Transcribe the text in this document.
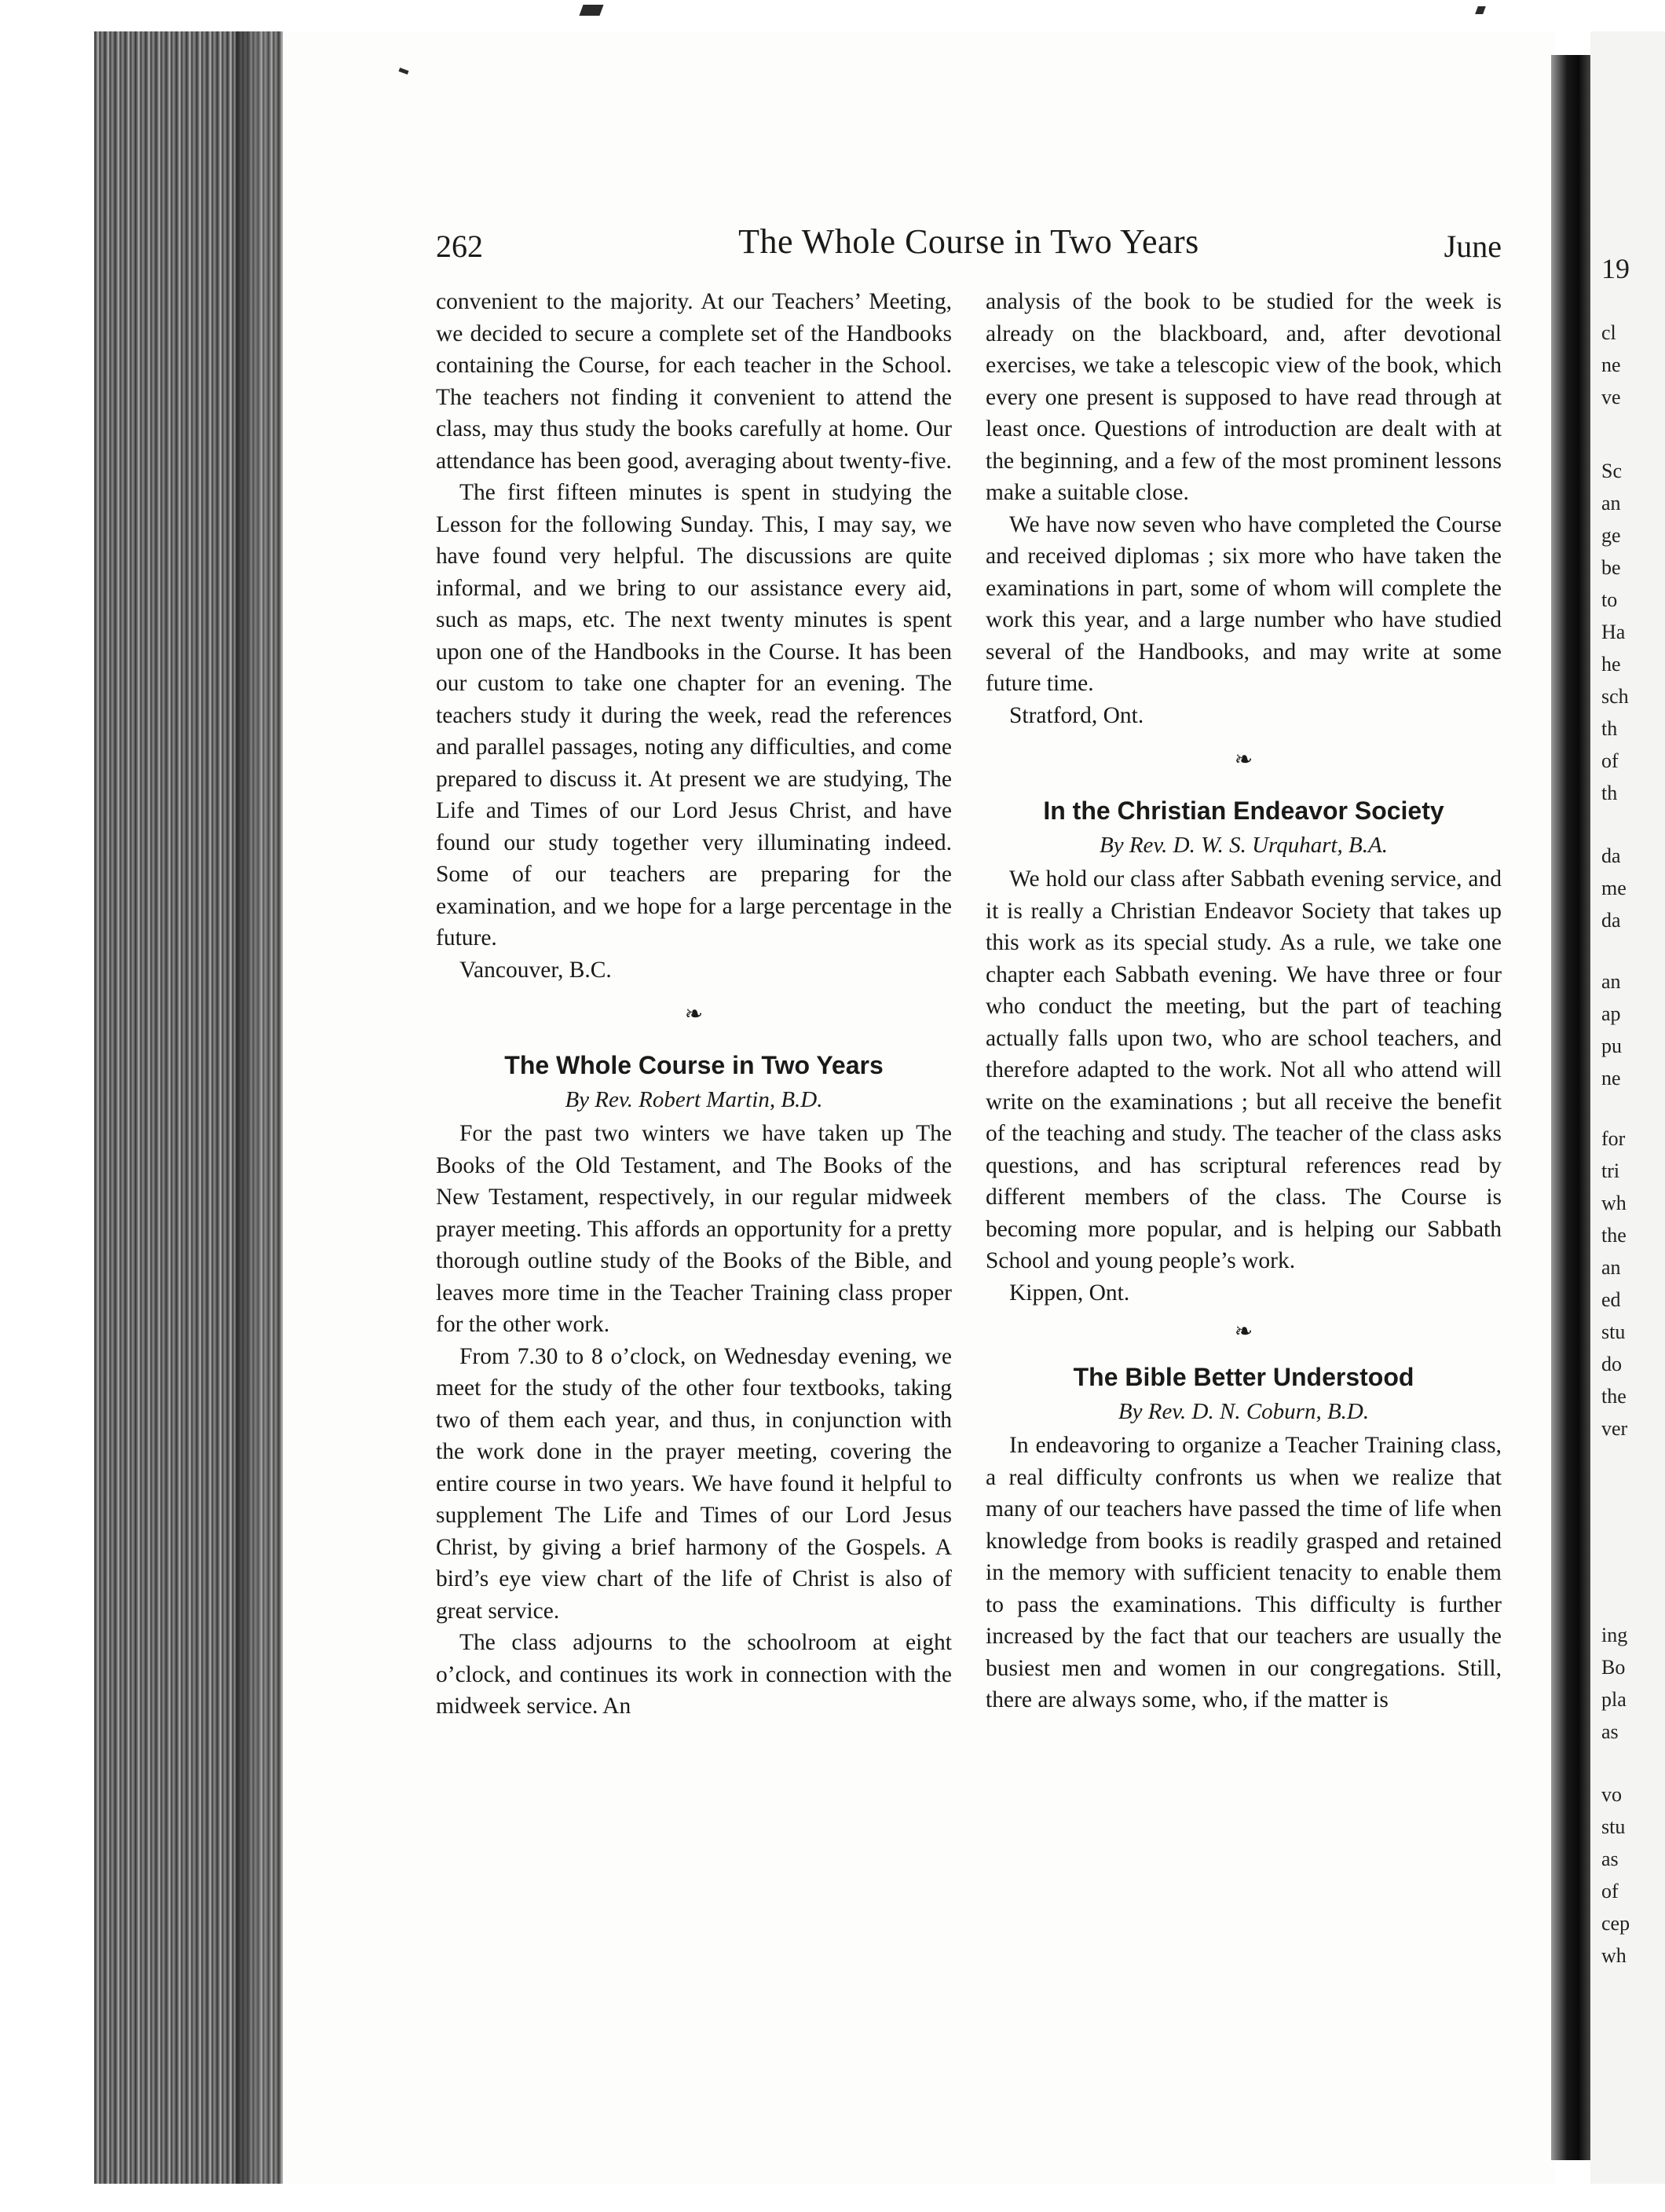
19
cl
ne
ve
Sc
an
ge
be
to
Ha
he
sch
th
of
th
da
me
da
an
ap
pu
ne
for
tri
wh
the
an
ed
stu
do
the
ver
ing
Bo
pla
as
vo
stu
as
of
cep
wh
262	The Whole Course in Two Years	June

convenient to the majority. At our Teachers’ Meeting, we decided to secure a complete set of the Handbooks containing the Course, for each teacher in the School. The teachers not finding it convenient to attend the class, may thus study the books carefully at home. Our attendance has been good, averaging about twenty-five.

The first fifteen minutes is spent in studying the Lesson for the following Sunday. This, I may say, we have found very helpful. The discussions are quite informal, and we bring to our assistance every aid, such as maps, etc. The next twenty minutes is spent upon one of the Handbooks in the Course. It has been our custom to take one chapter for an evening. The teachers study it during the week, read the references and parallel passages, noting any difficulties, and come prepared to discuss it. At present we are studying, The Life and Times of our Lord Jesus Christ, and have found our study together very illuminating indeed. Some of our teachers are preparing for the examination, and we hope for a large percentage in the future.

Vancouver, B.C.

❧
The Whole Course in Two Years
By Rev. Robert Martin, B.D.

For the past two winters we have taken up The Books of the Old Testament, and The Books of the New Testament, respectively, in our regular midweek prayer meeting. This affords an opportunity for a pretty thorough outline study of the Books of the Bible, and leaves more time in the Teacher Training class proper for the other work.

From 7.30 to 8 o’clock, on Wednesday evening, we meet for the study of the other four textbooks, taking two of them each year, and thus, in conjunction with the work done in the prayer meeting, covering the entire course in two years. We have found it helpful to supplement The Life and Times of our Lord Jesus Christ, by giving a brief harmony of the Gospels. A bird’s eye view chart of the life of Christ is also of great service.

The class adjourns to the schoolroom at eight o’clock, and continues its work in connection with the midweek service. An

analysis of the book to be studied for the week is already on the blackboard, and, after devotional exercises, we take a telescopic view of the book, which every one present is supposed to have read through at least once. Questions of introduction are dealt with at the beginning, and a few of the most prominent lessons make a suitable close.

We have now seven who have completed the Course and received diplomas ; six more who have taken the examinations in part, some of whom will complete the work this year, and a large number who have studied several of the Handbooks, and may write at some future time.

Stratford, Ont.

❧
In the Christian Endeavor Society
By Rev. D. W. S. Urquhart, B.A.

We hold our class after Sabbath evening service, and it is really a Christian Endeavor Society that takes up this work as its special study. As a rule, we take one chapter each Sabbath evening. We have three or four who conduct the meeting, but the part of teaching actually falls upon two, who are school teachers, and therefore adapted to the work. Not all who attend will write on the examinations ; but all receive the benefit of the teaching and study. The teacher of the class asks questions, and has scriptural references read by different members of the class. The Course is becoming more popular, and is helping our Sabbath School and young people’s work.

Kippen, Ont.

❧
The Bible Better Understood
By Rev. D. N. Coburn, B.D.

In endeavoring to organize a Teacher Training class, a real difficulty confronts us when we realize that many of our teachers have passed the time of life when knowledge from books is readily grasped and retained in the memory with sufficient tenacity to enable them to pass the examinations. This difficulty is further increased by the fact that our teachers are usually the busiest men and women in our congregations. Still, there are always some, who, if the matter is
